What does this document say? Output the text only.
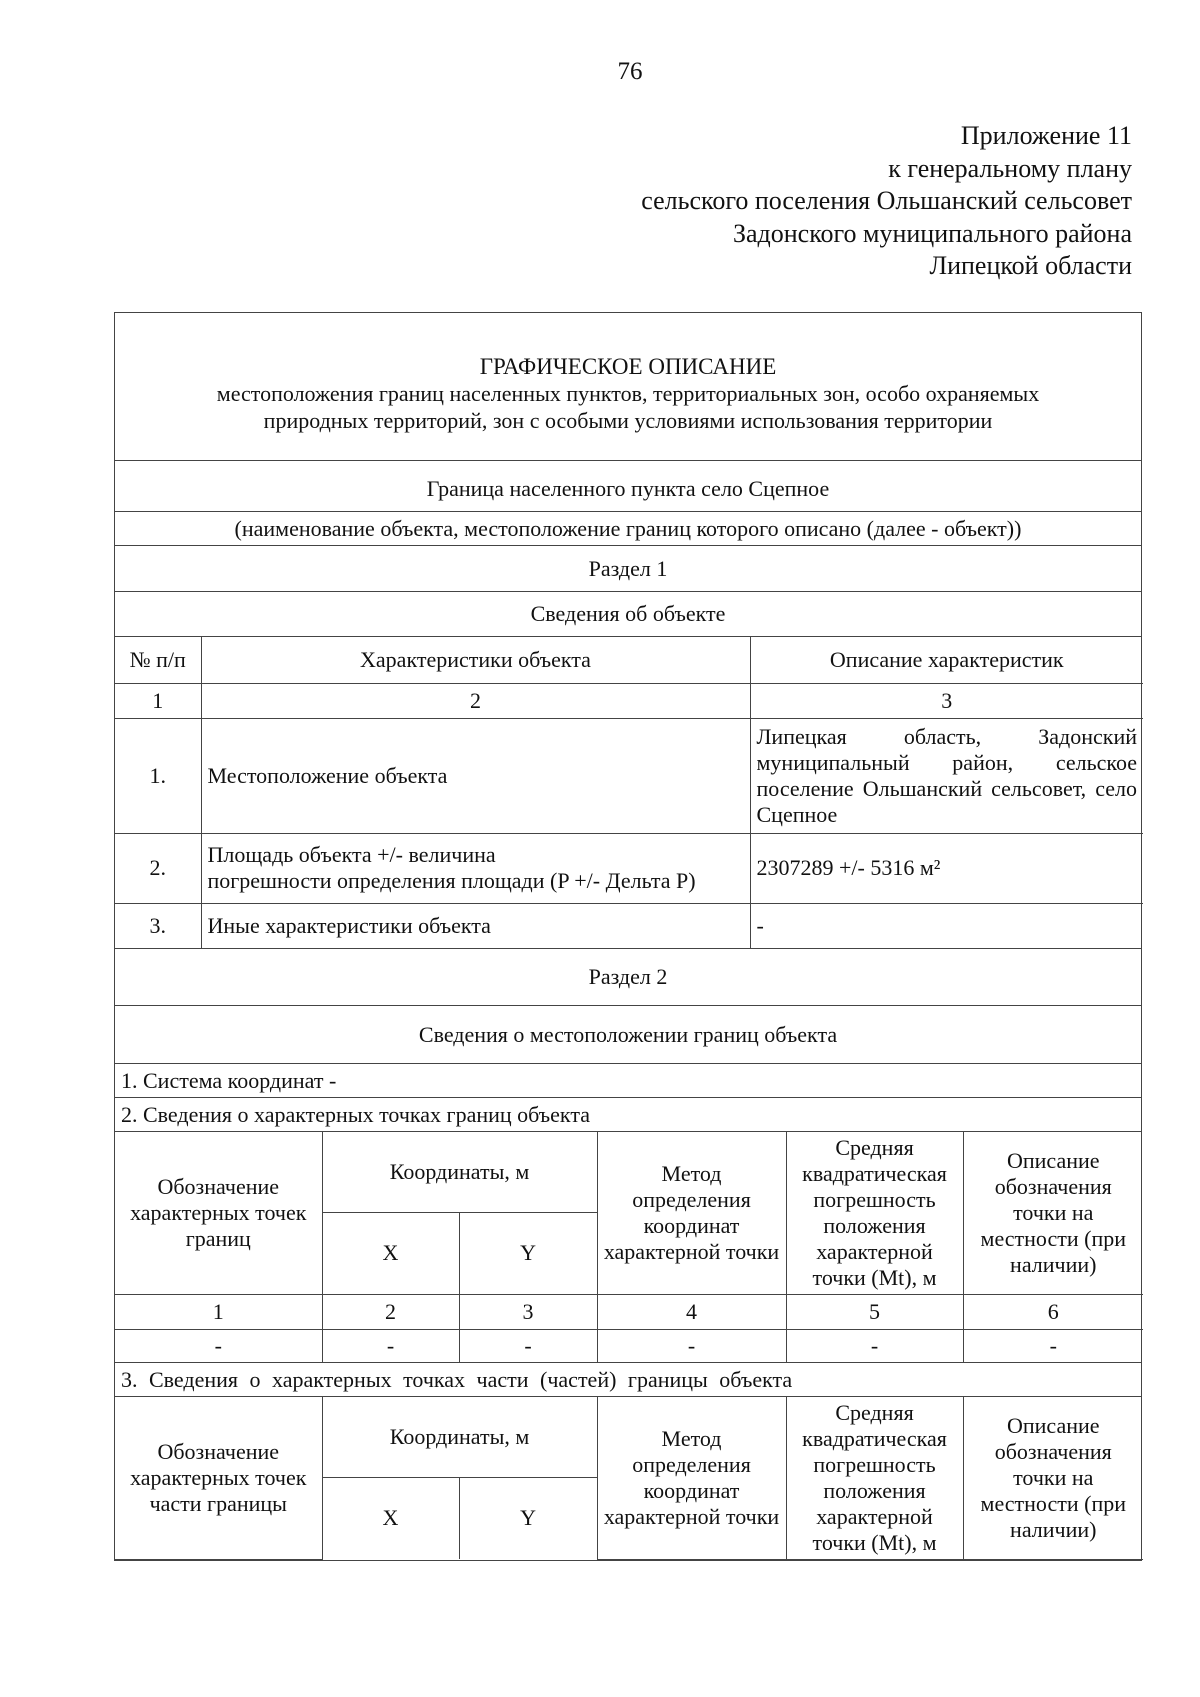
76
Приложение 11
к генеральному плану
сельского поселения Ольшанский сельсовет
Задонского муниципального района
Липецкой области
ГРАФИЧЕСКОЕ ОПИСАНИЕ
местоположения границ населенных пунктов, территориальных зон, особо охраняемых
природных территорий, зон с особыми условиями использования территории
Граница населенного пункта село Сцепное
(наименование объекта, местоположение границ которого описано (далее - объект))
Раздел 1
Сведения об объекте
№ п/п	Характеристики объекта	Описание характеристик
1	2	3
1.	Местоположение объекта	Липецкая область, Задонский муниципальный район, сельское поселение Ольшанский сельсовет, село Сцепное
2.	Площадь объекта +/- величина
погрешности определения площади (P +/- Дельта P)	2307289 +/- 5316 м²
3.	Иные характеристики объекта	-
Раздел 2
Сведения о местоположении границ объекта
1. Система координат -
2. Сведения о характерных точках границ объекта
Обозначение характерных точек границ	Координаты, м		Метод определения координат характерной точки	Средняя квадратическая погрешность положения характерной точки (Mt), м	Описание обозначения точки на местности (при наличии)
	X	Y			
1	2	3	4	5	6
-	-	-	-	-	-
3. Сведения о характерных точках части (частей) границы объекта
Обозначение характерных точек части границы	Координаты, м		Метод определения координат характерной точки	Средняя квадратическая погрешность положения характерной точки (Mt), м	Описание обозначения точки на местности (при наличии)
	X	Y			
